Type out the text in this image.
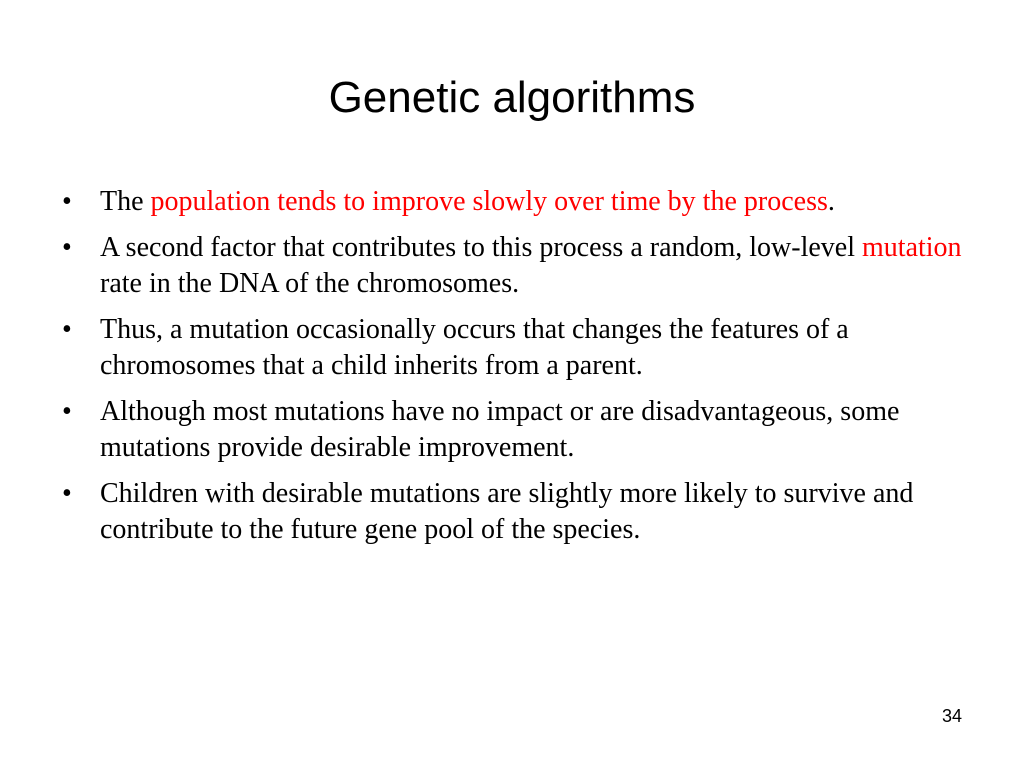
Genetic algorithms
•	The population tends to improve slowly over time by the process.
•	A second factor that contributes to this process a random, low-level mutation rate in the DNA of the chromosomes.
•	Thus, a mutation occasionally occurs that changes the features of a chromosomes that a child inherits from a parent.
•	Although most mutations have no impact or are disadvantageous, some mutations provide desirable improvement.
•	Children with desirable mutations are slightly more likely to survive and contribute to the future gene pool of the species.
34
